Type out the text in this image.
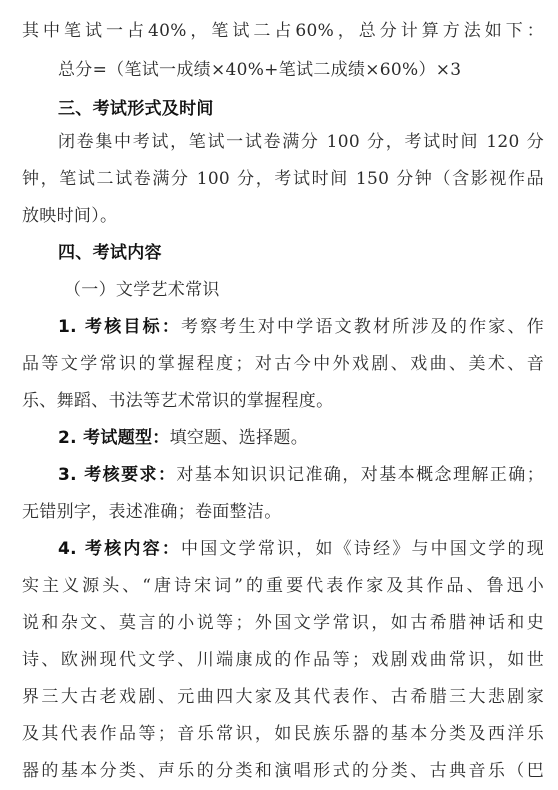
其中笔试一占40%，笔试二占60%，总分计算方法如下：
总分=（笔试一成绩×40%+笔试二成绩×60%）×3
三、考试形式及时间
闭卷集中考试，笔试一试卷满分 100 分，考试时间 120 分
钟，笔试二试卷满分 100 分，考试时间 150 分钟（含影视作品
放映时间）。
四、考试内容
（一）文学艺术常识
1. 考核目标：考察考生对中学语文教材所涉及的作家、作
品等文学常识的掌握程度；对古今中外戏剧、戏曲、美术、音
乐、舞蹈、书法等艺术常识的掌握程度。
2. 考试题型：填空题、选择题。
3. 考核要求：对基本知识识记准确，对基本概念理解正确；
无错别字，表述准确；卷面整洁。
4. 考核内容：中国文学常识，如《诗经》与中国文学的现
实主义源头、“唐诗宋词”的重要代表作家及其作品、鲁迅小
说和杂文、莫言的小说等；外国文学常识，如古希腊神话和史
诗、欧洲现代文学、川端康成的作品等；戏剧戏曲常识，如世
界三大古老戏剧、元曲四大家及其代表作、古希腊三大悲剧家
及其代表作品等；音乐常识，如民族乐器的基本分类及西洋乐
器的基本分类、声乐的分类和演唱形式的分类、古典音乐（巴
